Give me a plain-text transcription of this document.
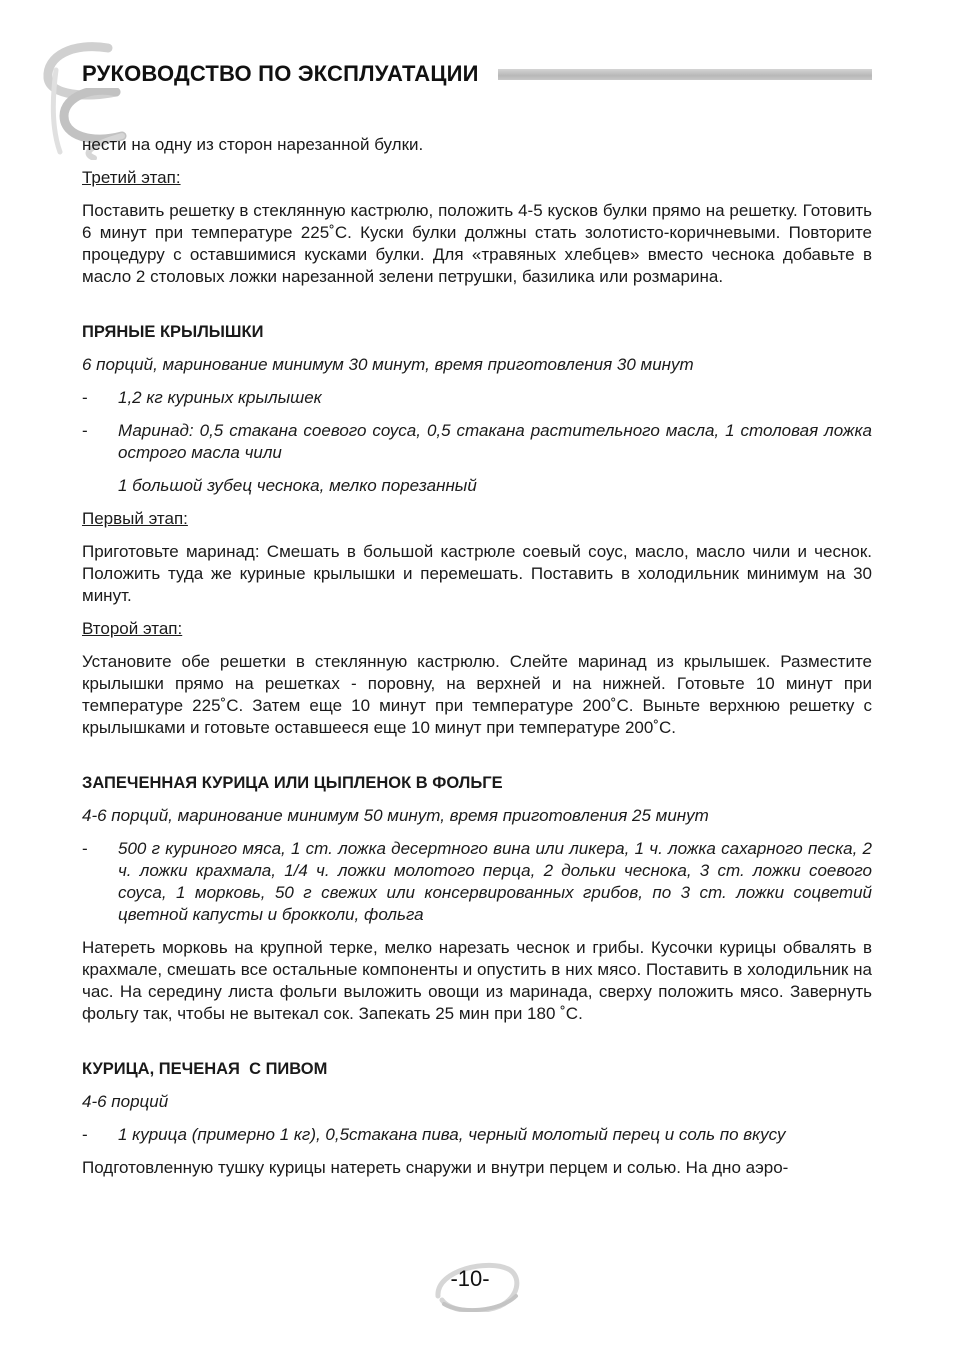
РУКОВОДСТВО ПО ЭКСПЛУАТАЦИИ

нести на одну из сторон нарезанной булки.

Третий этап:

Поставить решетку в стеклянную кастрюлю, положить 4-5 кусков булки прямо на решетку. Готовить 6 минут при температуре 225˚С. Куски булки должны стать золотисто-коричневыми. Повторите процедуру с оставшимися кусками булки. Для «травяных хлебцев» вместо чеснока добавьте в масло 2 столовых ложки нарезанной зелени петрушки, базилика или розмарина.

ПРЯНЫЕ КРЫЛЫШКИ

6 порций, маринование минимум 30 минут, время приготовления 30 минут

- 1,2 кг куриных крылышек

- Маринад: 0,5 стакана соевого соуса, 0,5 стакана растительного масла, 1 столовая ложка острого масла чили

1 большой зубец чеснока, мелко порезанный

Первый этап:

Приготовьте маринад: Смешать в большой кастрюле соевый соус, масло, масло чили и чеснок. Положить туда же куриные крылышки и перемешать. Поставить в холодильник минимум на 30 минут.

Второй этап:

Установите обе решетки в стеклянную кастрюлю. Слейте маринад из крылышек. Разместите крылышки прямо на решетках - поровну, на верхней и на нижней. Готовьте 10 минут при температуре 225˚С. Затем еще 10 минут при температуре 200˚С. Выньте верхнюю решетку с крылышками и готовьте оставшееся еще 10 минут при температуре 200˚С.

ЗАПЕЧЕННАЯ КУРИЦА ИЛИ ЦЫПЛЕНОК В ФОЛЬГЕ

4-6 порций, маринование минимум 50 минут, время приготовления 25 минут

- 500 г куриного мяса, 1 ст. ложка десертного вина или ликера, 1 ч. ложка сахарного песка, 2 ч. ложки крахмала, 1/4 ч. ложки молотого перца, 2 дольки чеснока, 3 ст. ложки соевого соуса, 1 морковь, 50 г свежих или консервированных грибов, по 3 ст. ложки соцветий цветной капусты и брокколи, фольга

Натереть морковь на крупной терке, мелко нарезать чеснок и грибы. Кусочки курицы обвалять в крахмале, смешать все остальные компоненты и опустить в них мясо. Поставить в холодильник на час. На середину листа фольги выложить овощи из маринада, сверху положить мясо. Завернуть фольгу так, чтобы не вытекал сок. Запекать 25 мин при 180 ˚С.

КУРИЦА, ПЕЧЕНАЯ  С ПИВОМ

4-6 порций

- 1 курица (примерно 1 кг), 0,5стакана пива, черный молотый перец и соль по вкусу

Подготовленную тушку курицы натереть снаружи и внутри перцем и солью. На дно аэро-

-10-
